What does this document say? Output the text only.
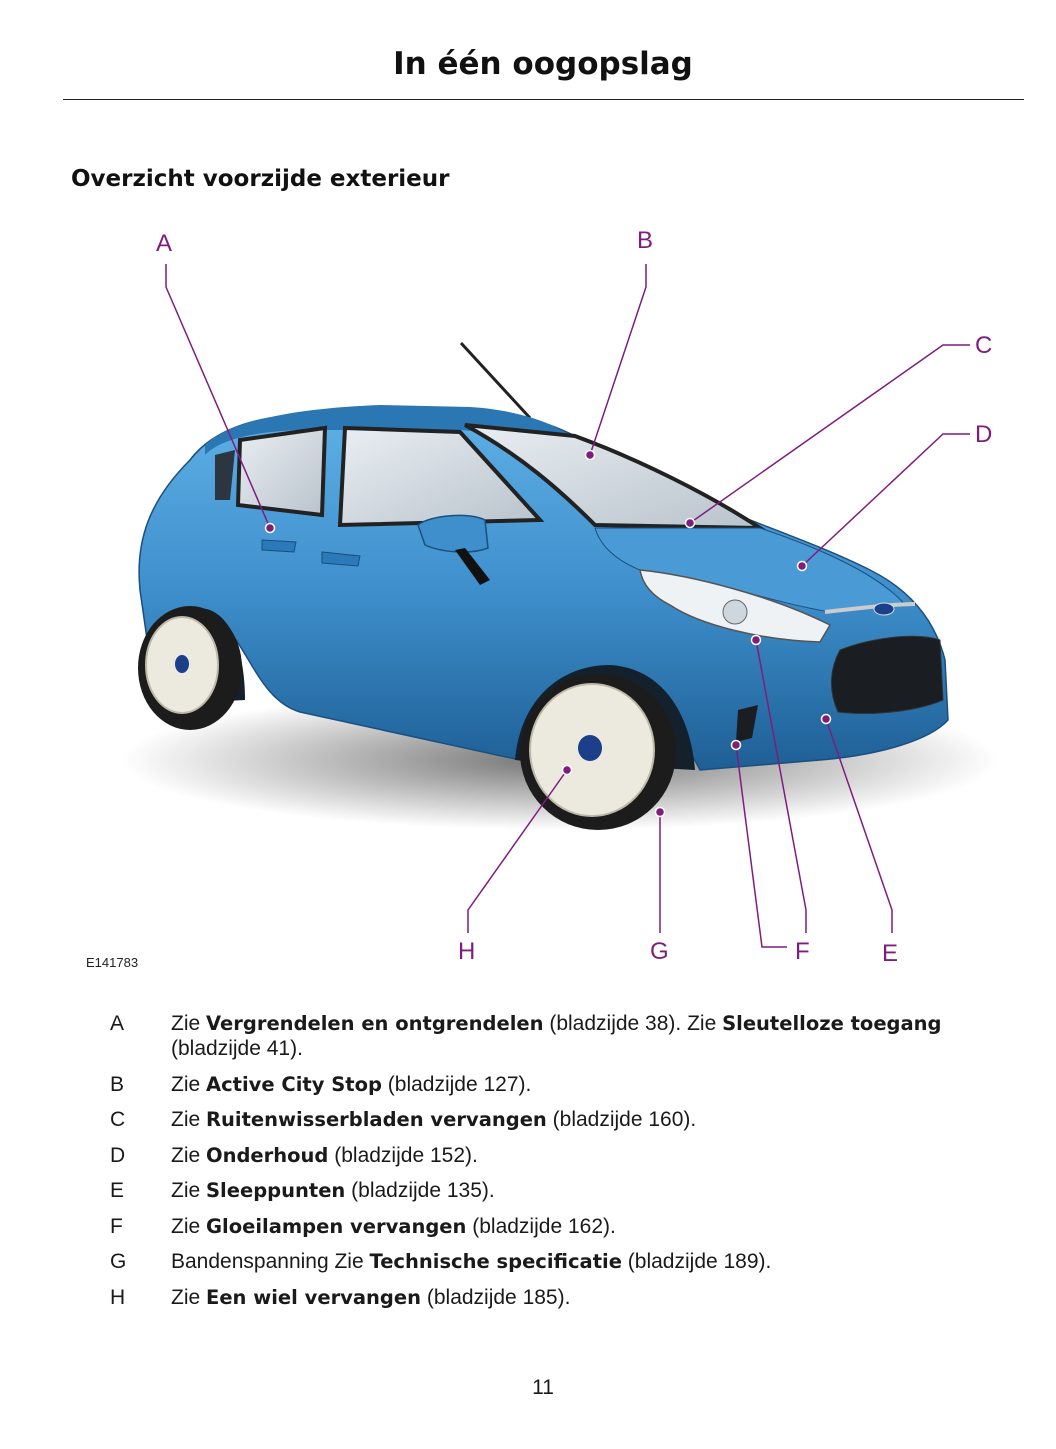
In één oogopslag
Overzicht voorzijde exterieur
A	B
C
D
E
F
G
H
E141783
A Zie Vergrendelen en ontgrendelen (bladzijde 38). Zie Sleutelloze toegang (bladzijde 41).
B Zie Active City Stop (bladzijde 127).
C Zie Ruitenwisserbladen vervangen (bladzijde 160).
D Zie Onderhoud (bladzijde 152).
E Zie Sleeppunten (bladzijde 135).
F	Zie Gloeilampen vervangen (bladzijde 162).
G Bandenspanning Zie Technische specificatie (bladzijde 189).
H Zie Een wiel vervangen (bladzijde 185).
11
